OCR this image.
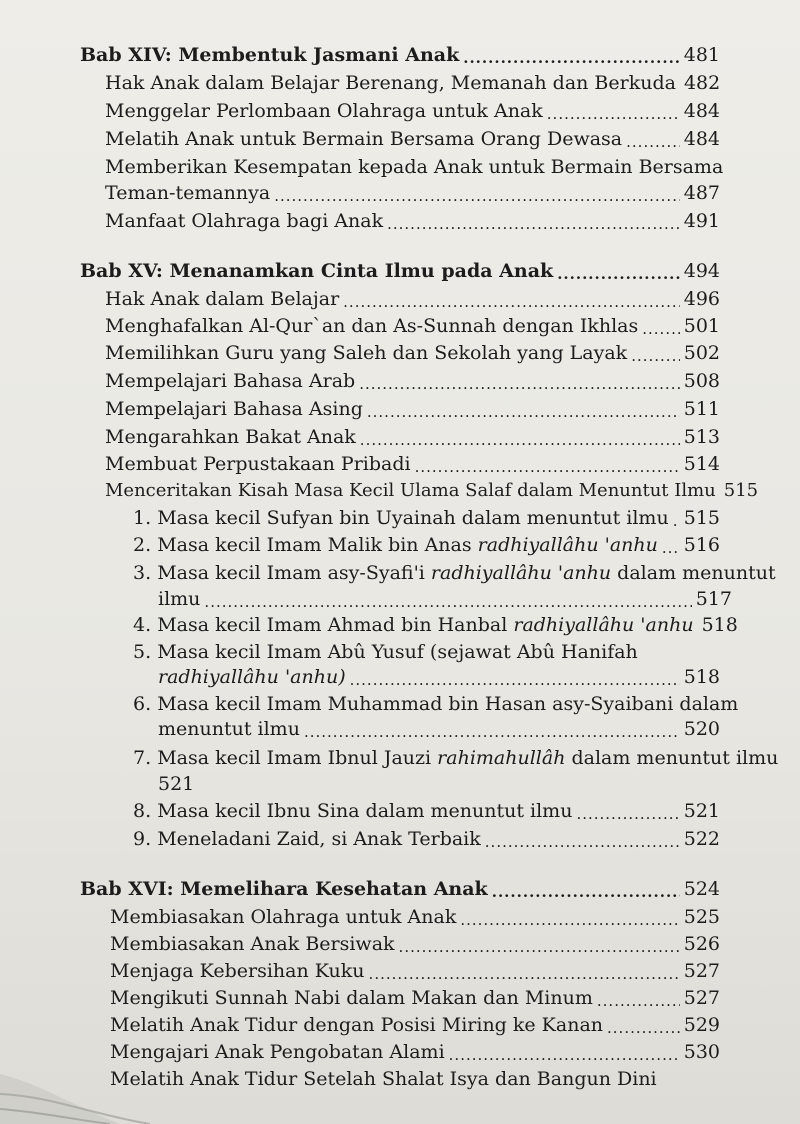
Bab XIV: Membentuk Jasmani Anak .....	481
Hak Anak dalam Belajar Berenang, Memanah dan Berkuda 482
Menggelar Perlombaan Olahraga untuk Anak .....	484
Melatih Anak untuk Bermain Bersama Orang Dewasa .....	484
Memberikan Kesempatan kepada Anak untuk Bermain Bersama
Teman-temannya .....	487
Manfaat Olahraga bagi Anak .....	491
Bab XV: Menanamkan Cinta Ilmu pada Anak .....	494
Hak Anak dalam Belajar .....	496
Menghafalkan Al-Qur`an dan As-Sunnah dengan Ikhlas ..... 501
Memilihkan Guru yang Saleh dan Sekolah yang Layak .....	502
Mempelajari Bahasa Arab .....	508
Mempelajari Bahasa Asing .....	511
Mengarahkan Bakat Anak .....	513
Membuat Perpustakaan Pribadi .....	514
Menceritakan Kisah Masa Kecil Ulama Salaf dalam Menuntut Ilmu 515
1. Masa kecil Sufyan bin Uyainah dalam menuntut ilmu ..... 515
2. Masa kecil Imam Malik bin Anas radhiyallâhu 'anhu ..... 516
3. Masa kecil Imam asy-Syafi'i radhiyallâhu 'anhu dalam menuntut
ilmu .....	517
4. Masa kecil Imam Ahmad bin Hanbal radhiyallâhu 'anhu 518
5. Masa kecil Imam Abû Yusuf (sejawat Abû Hanifah
radhiyallâhu 'anhu) .....	518
6. Masa kecil Imam Muhammad bin Hasan asy-Syaibani dalam
menuntut ilmu .....	520
7. Masa kecil Imam Ibnul Jauzi rahimahullâh dalam menuntut ilmu
521
8. Masa kecil Ibnu Sina dalam menuntut ilmu .....	521
9. Meneladani Zaid, si Anak Terbaik .....	522
Bab XVI: Memelihara Kesehatan Anak .....	524
Membiasakan Olahraga untuk Anak .....	525
Membiasakan Anak Bersiwak .....	526
Menjaga Kebersihan Kuku .....	527
Mengikuti Sunnah Nabi dalam Makan dan Minum .....	527
Melatih Anak Tidur dengan Posisi Miring ke Kanan .....	529
Mengajari Anak Pengobatan Alami .....	530
Melatih Anak Tidur Setelah Shalat Isya dan Bangun Dini
